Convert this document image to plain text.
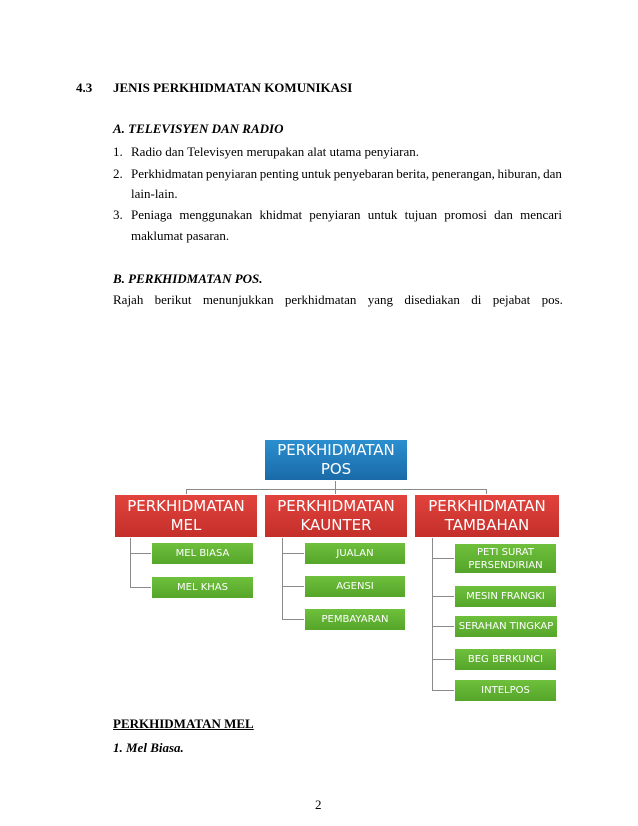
4.3 JENIS PERKHIDMATAN KOMUNIKASI
A. TELEVISYEN DAN RADIO
1. Radio dan Televisyen merupakan alat utama penyiaran.
2. Perkhidmatan penyiaran penting untuk penyebaran berita, penerangan, hiburan, dan
lain-lain.
3. Peniaga menggunakan khidmat penyiaran untuk tujuan promosi dan mencari
maklumat pasaran.
B. PERKHIDMATAN POS.
Rajah berikut menunjukkan perkhidmatan yang disediakan di pejabat pos.
PERKHIDMATAN
POS
PERKHIDMATAN
MEL
PERKHIDMATAN
KAUNTER
PERKHIDMATAN
TAMBAHAN
MEL BIASA
MEL KHAS
JUALAN
AGENSI
PEMBAYARAN
PETI SURAT
PERSENDIRIAN
MESIN FRANGKI
SERAHAN TINGKAP
BEG BERKUNCI
INTELPOS
PERKHIDMATAN MEL
1. Mel Biasa.
2
